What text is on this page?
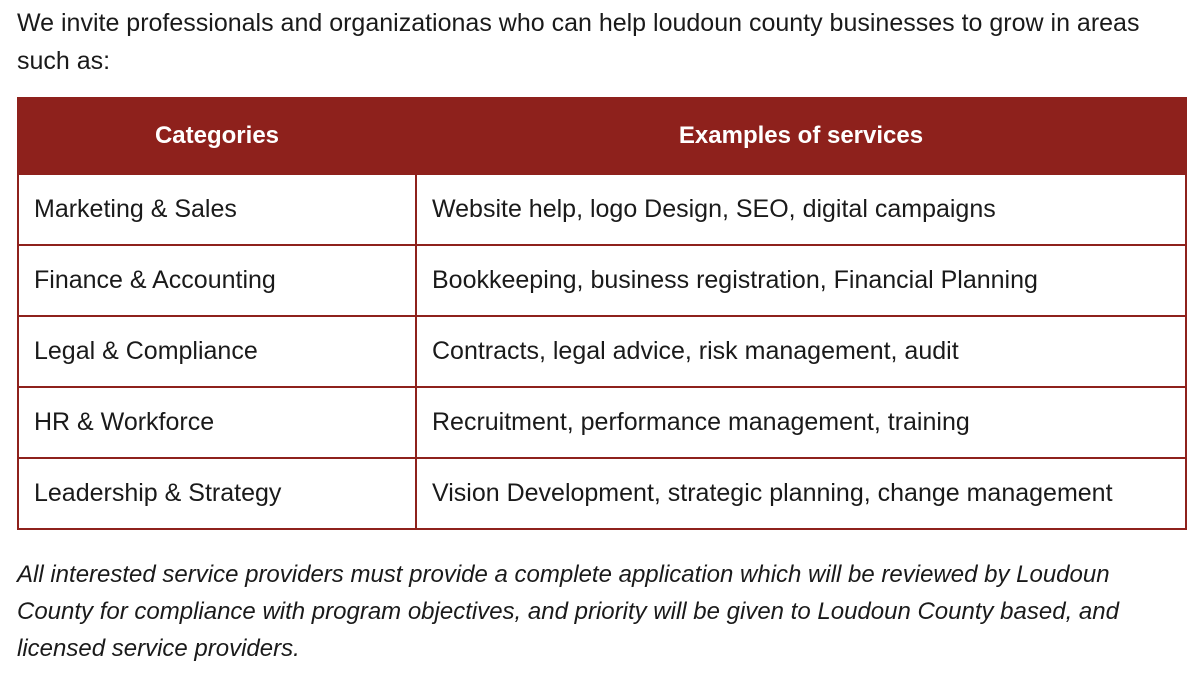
We invite professionals and organizationas who can help loudoun county businesses to grow in areas such as:

Categories	Examples of services
Marketing & Sales	Website help, logo Design, SEO, digital campaigns
Finance & Accounting	Bookkeeping, business registration, Financial Planning
Legal & Compliance	Contracts, legal advice, risk management, audit
HR & Workforce	Recruitment, performance management, training
Leadership & Strategy	Vision Development, strategic planning, change management

All interested service providers must provide a complete application which will be reviewed by Loudoun County for compliance with program objectives, and priority will be given to Loudoun County based, and licensed service providers.
